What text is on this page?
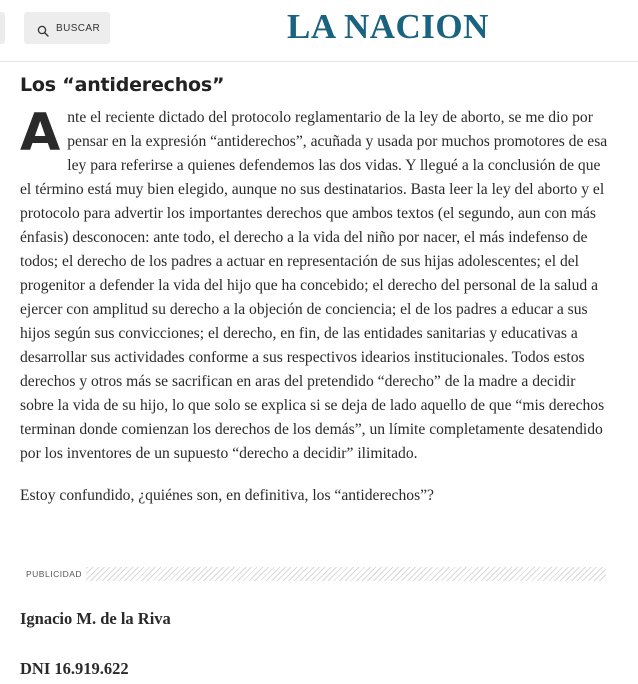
BUSCAR	LA NACION
Los “antiderechos”

Ante el reciente dictado del protocolo reglamentario de la ley de aborto, se me dio por pensar en la expresión “antiderechos”, acuñada y usada por muchos promotores de esa ley para referirse a quienes defendemos las dos vidas. Y llegué a la conclusión de que el término está muy bien elegido, aunque no sus destinatarios. Basta leer la ley del aborto y el protocolo para advertir los importantes derechos que ambos textos (el segundo, aun con más énfasis) desconocen: ante todo, el derecho a la vida del niño por nacer, el más indefenso de todos; el derecho de los padres a actuar en representación de sus hijas adolescentes; el del progenitor a defender la vida del hijo que ha concebido; el derecho del personal de la salud a ejercer con amplitud su derecho a la objeción de conciencia; el de los padres a educar a sus hijos según sus convicciones; el derecho, en fin, de las entidades sanitarias y educativas a desarrollar sus actividades conforme a sus respectivos idearios institucionales. Todos estos derechos y otros más se sacrifican en aras del pretendido “derecho” de la madre a decidir sobre la vida de su hijo, lo que solo se explica si se deja de lado aquello de que “mis derechos terminan donde comienzan los derechos de los demás”, un límite completamente desatendido por los inventores de un supuesto “derecho a decidir” ilimitado.

Estoy confundido, ¿quiénes son, en definitiva, los “antiderechos”?

PUBLICIDAD
Ignacio M. de la Riva
DNI 16.919.622
